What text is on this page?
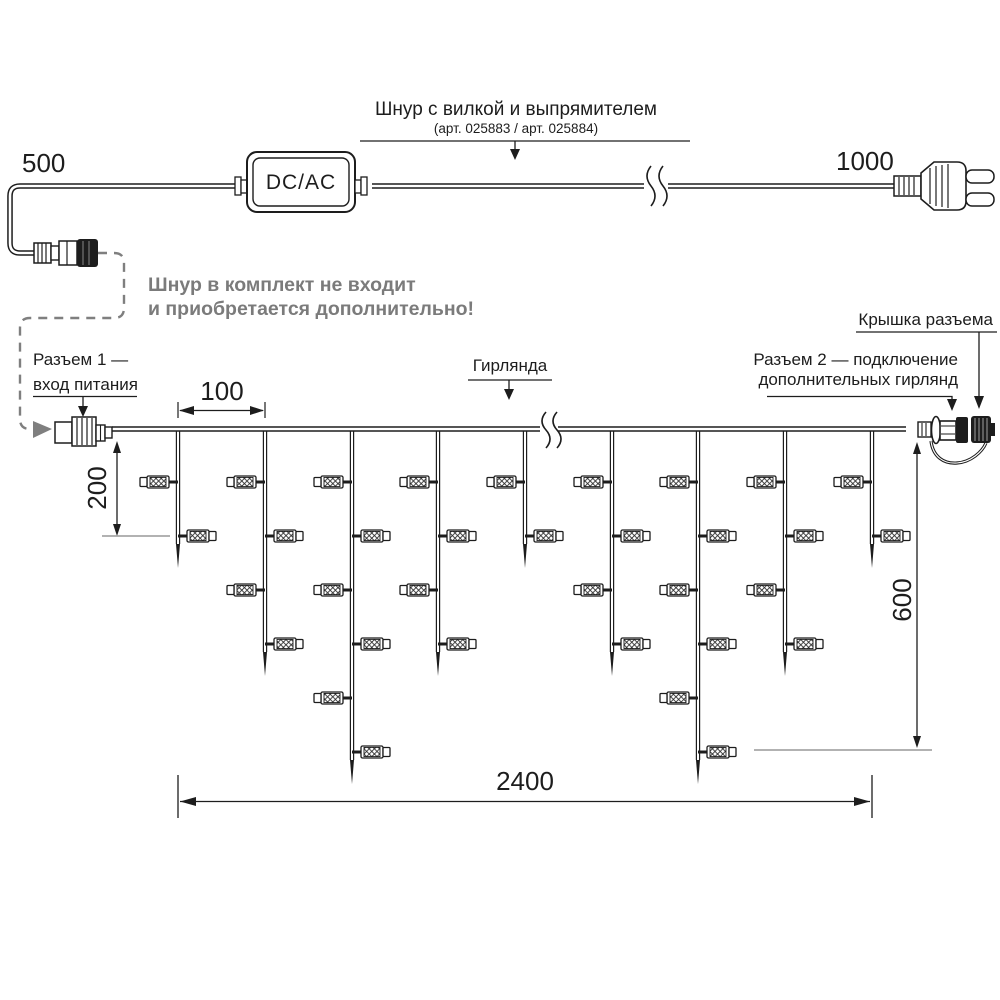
500
DC/AC
Шнур с вилкой и выпрямителем
(арт. 025883 / арт. 025884)
1000
Шнур в комплект не входит
и приобретается дополнительно!
Разъем 1 —
вход питания
Гирлянда
Крышка разъема
Разъем 2 — подключение
дополнительных гирлянд
100
200
600
2400
